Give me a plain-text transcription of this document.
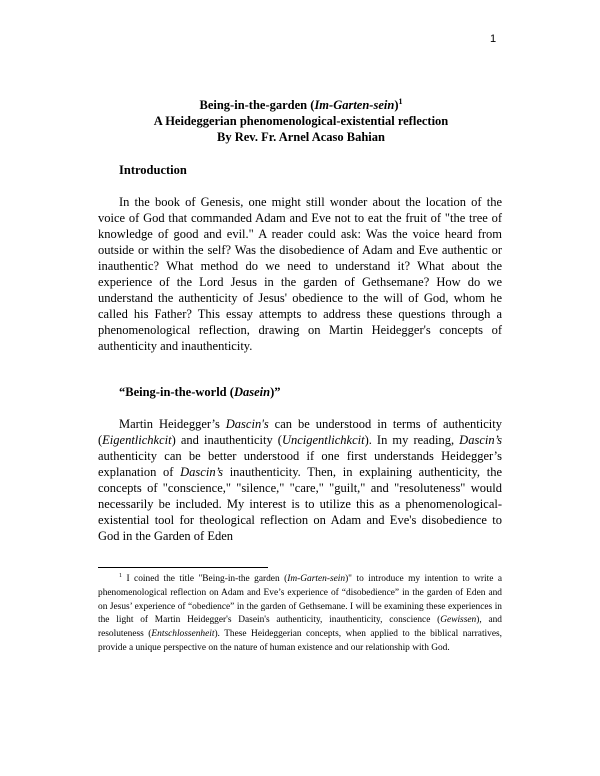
1
Being-in-the-garden (Im-Garten-sein)$^1$
A Heideggerian phenomenological-existential reflection
By Rev. Fr. Arnel Acaso Bahian
Introduction

In the book of Genesis, one might still wonder about the location of the voice of God that commanded Adam and Eve not to eat the fruit of "the tree of knowledge of good and evil." A reader could ask: Was the voice heard from outside or within the self? Was the disobedience of Adam and Eve authentic or inauthentic? What method do we need to understand it? What about the experience of the Lord Jesus in the garden of Gethsemane? How do we understand the authenticity of Jesus' obedience to the will of God, whom he called his Father? This essay attempts to address these questions through a phenomenological reflection, drawing on Martin Heidegger's concepts of authenticity and inauthenticity.

“Being-in-the-world (Dasein)”

Martin Heidegger’s Dascin's can be understood in terms of authenticity (Eigentlichkcit) and inauthenticity (Uncigentlichkcit). In my reading, Dascin’s authenticity can be better understood if one first understands Heidegger’s explanation of Dascin’s inauthenticity. Then, in explaining authenticity, the concepts of "conscience," "silence," "care," "guilt," and "resoluteness" would necessarily be included. My interest is to utilize this as a phenomenological-existential tool for theological reflection on Adam and Eve's disobedience to God in the Garden of Eden

$^1$ I coined the title "Being-in-the garden (Im-Garten-sein)" to introduce my intention to write a phenomenological reflection on Adam and Eve’s experience of “disobedience” in the garden of Eden and on Jesus’ experience of “obedience” in the garden of Gethsemane. I will be examining these experiences in the light of Martin Heidegger's Dasein's authenticity, inauthenticity, conscience (Gewissen), and resoluteness (Entschlossenheit). These Heideggerian concepts, when applied to the biblical narratives, provide a unique perspective on the nature of human existence and our relationship with God.
